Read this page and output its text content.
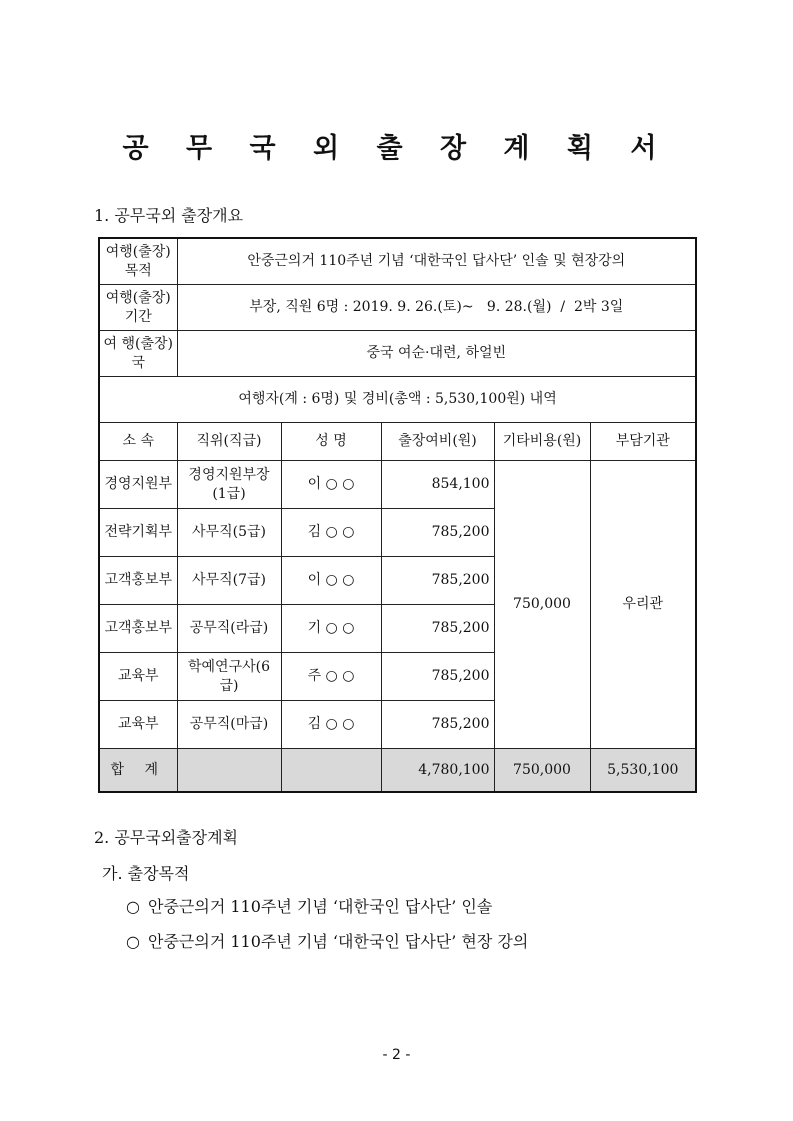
공 무 국 외 출 장 계 획 서
1. 공무국외 출장개요
여행(출장)목적	안중근의거 110주년 기념 ‘대한국인 답사단’ 인솔 및 현장강의				
여행(출장)기간	부장, 직원 6명 : 2019. 9. 26.(토)~   9. 28.(월)  /  2박 3일				
여 행(출장) 국	중국 여순·대련, 하얼빈				
여행자(계 : 6명) 및 경비(총액 : 5,530,100원) 내역					
소 속	직위(직급)	성 명	출장여비(원)	기타비용(원)	부담기관
경영지원부	경영지원부장 (1급)	이 ○ ○	854,100	750,000	우리관
전략기획부	사무직(5급)	김 ○ ○	785,200		
고객홍보부	사무직(7급)	이 ○ ○	785,200		
고객홍보부	공무직(라급)	기 ○ ○	785,200		
교육부	학예연구사(6급)	주 ○ ○	785,200		
교육부	공무직(마급)	김 ○ ○	785,200		
합 계			4,780,100	750,000	5,530,100
2. 공무국외출장계획
가. 출장목적
○ 안중근의거 110주년 기념 ‘대한국인 답사단’ 인솔
○ 안중근의거 110주년 기념 ‘대한국인 답사단’ 현장 강의
- 2 -
